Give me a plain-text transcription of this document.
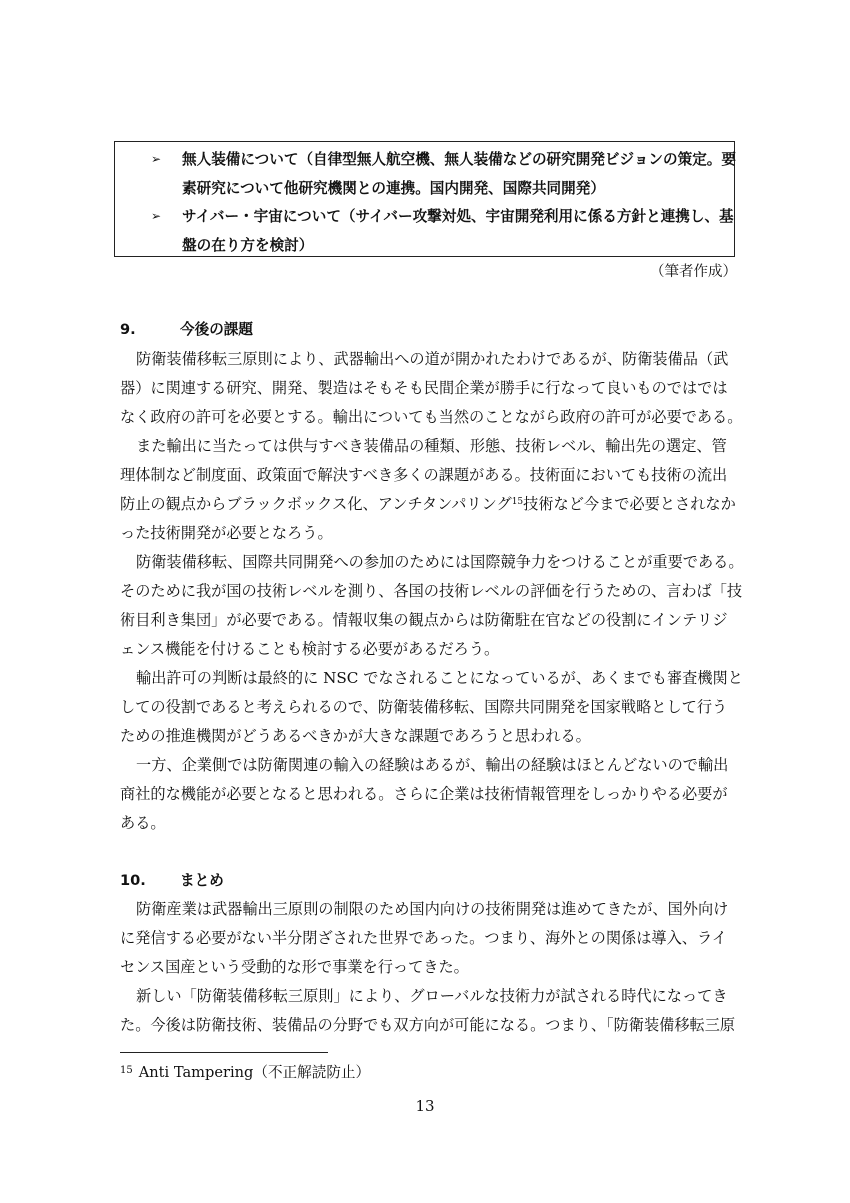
➢ 無人装備について（自律型無人航空機、無人装備などの研究開発ビジョンの策定。要
素研究について他研究機関との連携。国内開発、国際共同開発）
➢ サイバー・宇宙について（サイバー攻撃対処、宇宙開発利用に係る方針と連携し、基
盤の在り方を検討）
（筆者作成）
9.	今後の課題
防衛装備移転三原則により、武器輸出への道が開かれたわけであるが、防衛装備品（武
器）に関連する研究、開発、製造はそもそも民間企業が勝手に行なって良いものではでは
なく政府の許可を必要とする。輸出についても当然のことながら政府の許可が必要である。
また輸出に当たっては供与すべき装備品の種類、形態、技術レベル、輸出先の選定、管
理体制など制度面、政策面で解決すべき多くの課題がある。技術面においても技術の流出
防止の観点からブラックボックス化、アンチタンパリング$^{15}$技術など今まで必要とされなか
った技術開発が必要となろう。
防衛装備移転、国際共同開発への参加のためには国際競争力をつけることが重要である。
そのために我が国の技術レベルを測り、各国の技術レベルの評価を行うための、言わば「技
術目利き集団」が必要である。情報収集の観点からは防衛駐在官などの役割にインテリジ
ェンス機能を付けることも検討する必要があるだろう。
輸出許可の判断は最終的に NSC でなされることになっているが、あくまでも審査機関と
しての役割であると考えられるので、防衛装備移転、国際共同開発を国家戦略として行う
ための推進機関がどうあるべきかが大きな課題であろうと思われる。
一方、企業側では防衛関連の輸入の経験はあるが、輸出の経験はほとんどないので輸出
商社的な機能が必要となると思われる。さらに企業は技術情報管理をしっかりやる必要が
ある。
10. まとめ
防衛産業は武器輸出三原則の制限のため国内向けの技術開発は進めてきたが、国外向け
に発信する必要がない半分閉ざされた世界であった。つまり、海外との関係は導入、ライ
センス国産という受動的な形で事業を行ってきた。
新しい「防衛装備移転三原則」により、グローバルな技術力が試される時代になってき
た。今後は防衛技術、装備品の分野でも双方向が可能になる。つまり、「防衛装備移転三原
$^{15}$ Anti Tampering（不正解読防止）
13
